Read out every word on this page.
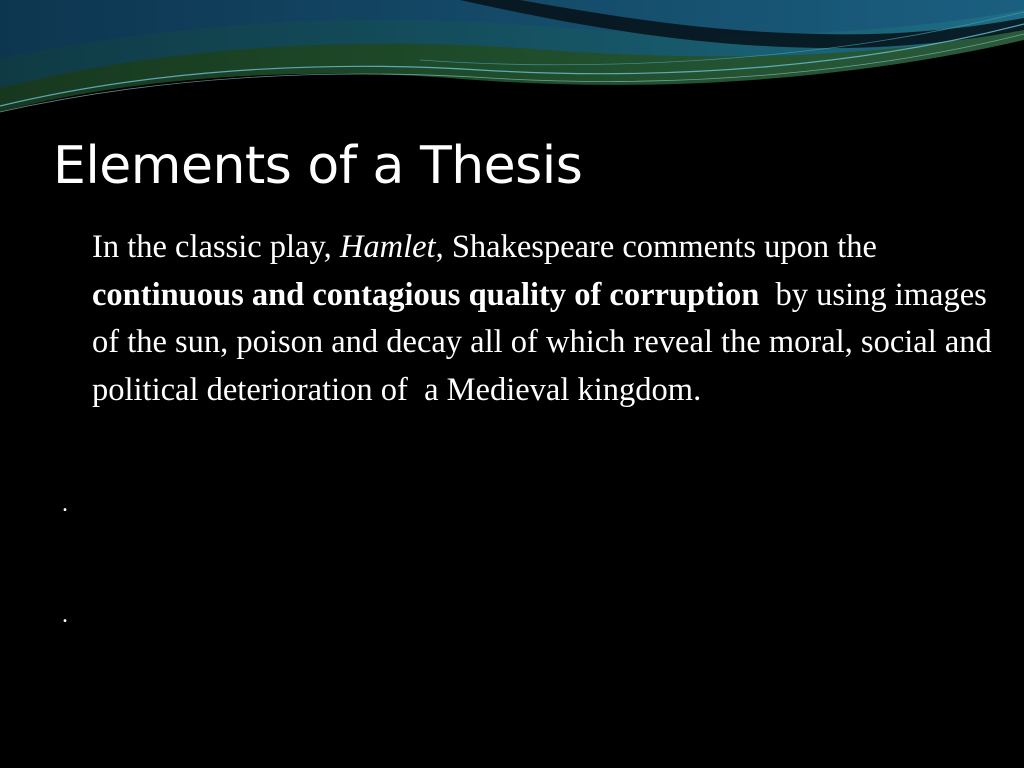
Elements of a Thesis

In the classic play, Hamlet, Shakespeare comments upon the continuous and contagious quality of corruption  by using images  of the sun, poison and decay all of which reveal the moral, social and political deterioration of  a Medieval kingdom.

.
.
